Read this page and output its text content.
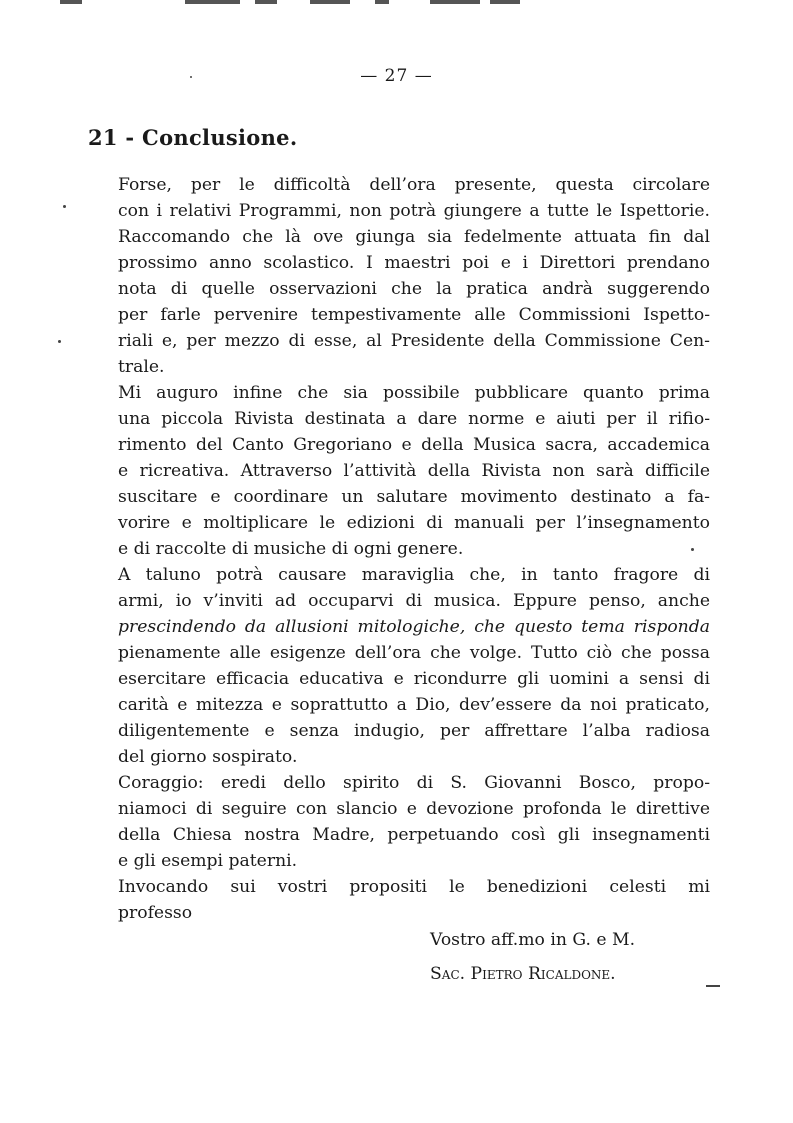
— 27 —
21 - Conclusione.
Forse, per le difficoltà dell’ora presente, questa circolare
con i relativi Programmi, non potrà giungere a tutte le Ispettorie.
Raccomando che là ove giunga sia fedelmente attuata fin dal
prossimo anno scolastico. I maestri poi e i Direttori prendano
nota di quelle osservazioni che la pratica andrà suggerendo
per farle pervenire tempestivamente alle Commissioni Ispetto-
riali e, per mezzo di esse, al Presidente della Commissione Cen-
trale.
Mi auguro infine che sia possibile pubblicare quanto prima
una piccola Rivista destinata a dare norme e aiuti per il rifio-
rimento del Canto Gregoriano e della Musica sacra, accademica
e ricreativa. Attraverso l’attività della Rivista non sarà difficile
suscitare e coordinare un salutare movimento destinato a fa-
vorire e moltiplicare le edizioni di manuali per l’insegnamento
e di raccolte di musiche di ogni genere.
A taluno potrà causare maraviglia che, in tanto fragore di
armi, io v’inviti ad occuparvi di musica. Eppure penso, anche
prescindendo da allusioni mitologiche, che questo tema risponda
pienamente alle esigenze dell’ora che volge. Tutto ciò che possa
esercitare efficacia educativa e ricondurre gli uomini a sensi di
carità e mitezza e soprattutto a Dio, dev’essere da noi praticato,
diligentemente e senza indugio, per affrettare l’alba radiosa
del giorno sospirato.
Coraggio: eredi dello spirito di S. Giovanni Bosco, propo-
niamoci di seguire con slancio e devozione profonda le direttive
della Chiesa nostra Madre, perpetuando così gli insegnamenti
e gli esempi paterni.
Invocando sui vostri propositi le benedizioni celesti mi
professo
Vostro aff.mo in G. e M.
Sac. Pietro Ricaldone.
